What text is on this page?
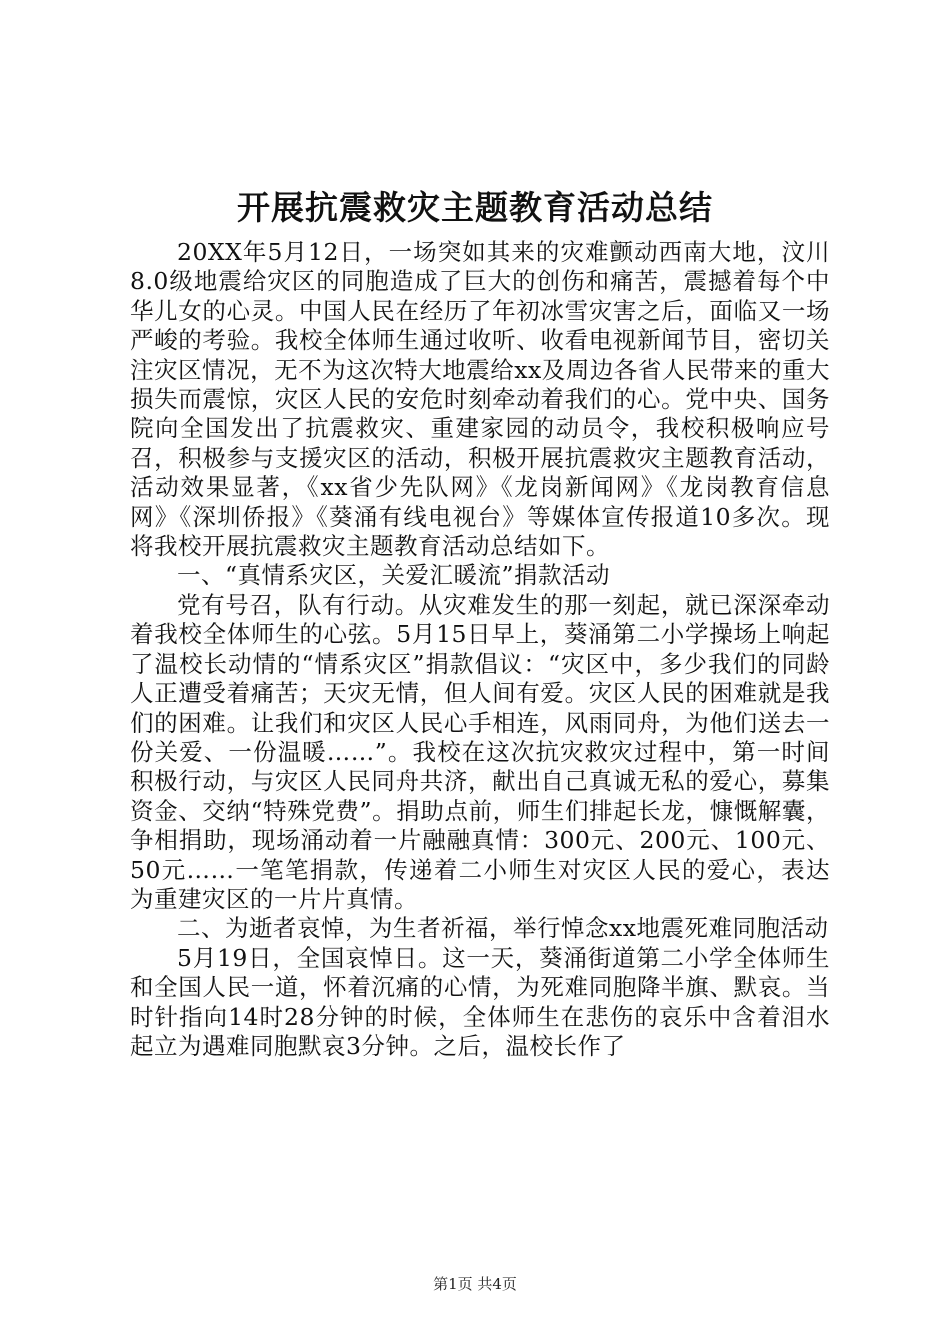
开展抗震救灾主题教育活动总结

20XX年5月12日，一场突如其来的灾难颤动西南大地，汶川8.0级地震给灾区的同胞造成了巨大的创伤和痛苦，震撼着每个中华儿女的心灵。中国人民在经历了年初冰雪灾害之后，面临又一场严峻的考验。我校全体师生通过收听、收看电视新闻节目，密切关注灾区情况，无不为这次特大地震给xx及周边各省人民带来的重大损失而震惊，灾区人民的安危时刻牵动着我们的心。党中央、国务院向全国发出了抗震救灾、重建家园的动员令，我校积极响应号召，积极参与支援灾区的活动，积极开展抗震救灾主题教育活动，活动效果显著，《xx省少先队网》《龙岗新闻网》《龙岗教育信息网》《深圳侨报》《葵涌有线电视台》等媒体宣传报道10多次。现将我校开展抗震救灾主题教育活动总结如下。

一、“真情系灾区，关爱汇暖流”捐款活动

党有号召，队有行动。从灾难发生的那一刻起，就已深深牵动着我校全体师生的心弦。5月15日早上，葵涌第二小学操场上响起了温校长动情的“情系灾区”捐款倡议：“灾区中，多少我们的同龄人正遭受着痛苦；天灾无情，但人间有爱。灾区人民的困难就是我们的困难。让我们和灾区人民心手相连，风雨同舟，为他们送去一份关爱、一份温暖……”。我校在这次抗灾救灾过程中，第一时间积极行动，与灾区人民同舟共济，献出自己真诚无私的爱心，募集资金、交纳“特殊党费”。捐助点前，师生们排起长龙，慷慨解囊，争相捐助，现场涌动着一片融融真情：300元、200元、100元、50元……一笔笔捐款，传递着二小师生对灾区人民的爱心，表达为重建灾区的一片片真情。

二、为逝者哀悼，为生者祈福，举行悼念xx地震死难同胞活动

5月19日，全国哀悼日。这一天，葵涌街道第二小学全体师生和全国人民一道，怀着沉痛的心情，为死难同胞降半旗、默哀。当时针指向14时28分钟的时候，全体师生在悲伤的哀乐中含着泪水起立为遇难同胞默哀3分钟。之后，温校长作了

第1页 共4页
